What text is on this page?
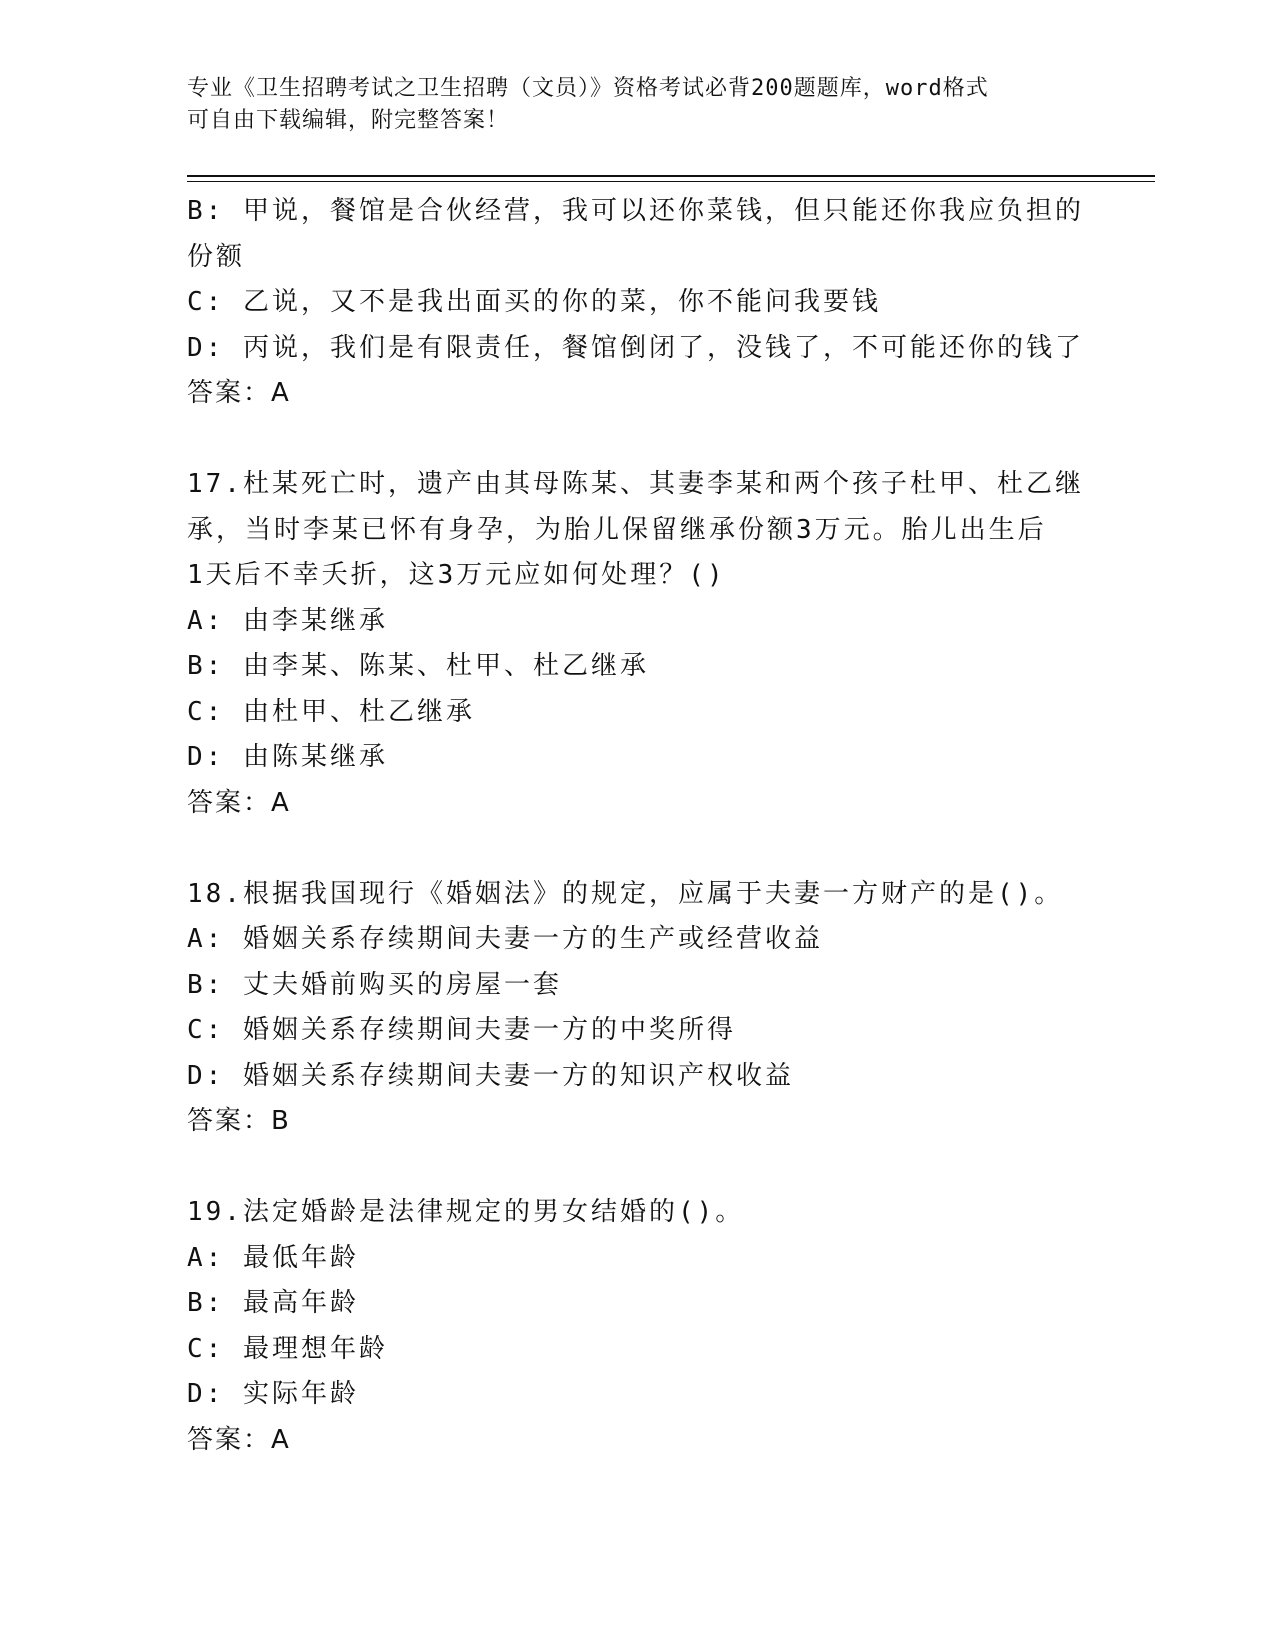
专业《卫生招聘考试之卫生招聘（文员）》资格考试必背200题题库，word格式
可自由下载编辑，附完整答案！
B: 甲说，餐馆是合伙经营，我可以还你菜钱，但只能还你我应负担的
份额
C: 乙说，又不是我出面买的你的菜，你不能问我要钱
D: 丙说，我们是有限责任，餐馆倒闭了，没钱了，不可能还你的钱了
答案：A
17.杜某死亡时，遗产由其母陈某、其妻李某和两个孩子杜甲、杜乙继
承，当时李某已怀有身孕，为胎儿保留继承份额3万元。胎儿出生后
1天后不幸夭折，这3万元应如何处理？()
A: 由李某继承
B: 由李某、陈某、杜甲、杜乙继承
C: 由杜甲、杜乙继承
D: 由陈某继承
答案：A
18.根据我国现行《婚姻法》的规定，应属于夫妻一方财产的是()。
A: 婚姻关系存续期间夫妻一方的生产或经营收益
B: 丈夫婚前购买的房屋一套
C: 婚姻关系存续期间夫妻一方的中奖所得
D: 婚姻关系存续期间夫妻一方的知识产权收益
答案：B
19.法定婚龄是法律规定的男女结婚的()。
A: 最低年龄
B: 最高年龄
C: 最理想年龄
D: 实际年龄
答案：A
